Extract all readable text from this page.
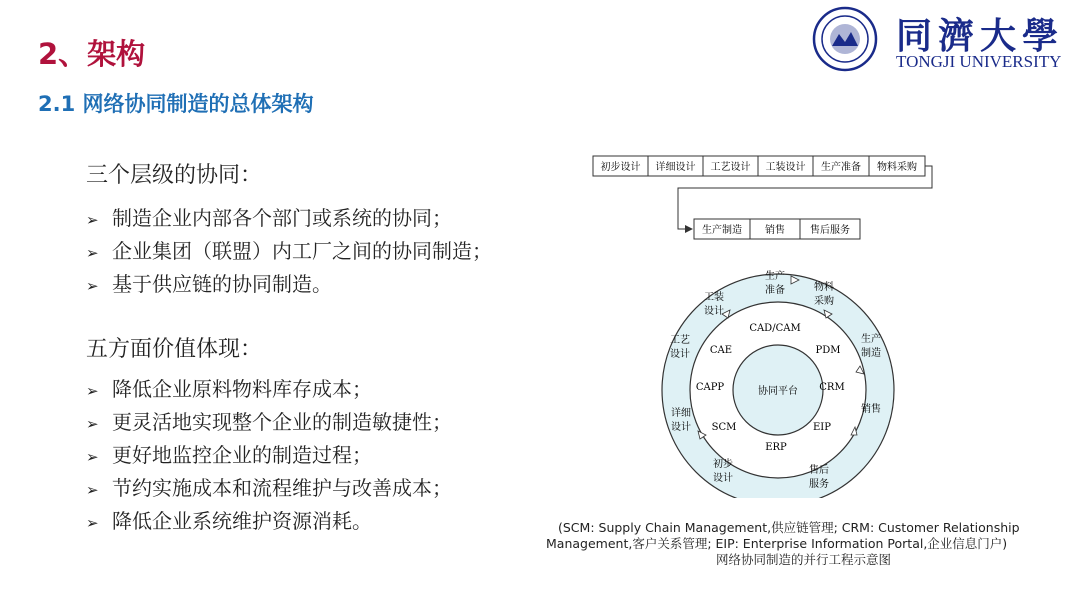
2、架构
2.1 网络协同制造的总体架构
同濟大學
TONGJI UNIVERSITY
三个层级的协同：
➢ 制造企业内部各个部门或系统的协同；
➢ 企业集团（联盟）内工厂之间的协同制造；
➢ 基于供应链的协同制造。
五方面价值体现：
➢ 降低企业原料物料库存成本；
➢ 更灵活地实现整个企业的制造敏捷性；
➢ 更好地监控企业的制造过程；
➢ 节约实施成本和流程维护与改善成本；
➢ 降低企业系统维护资源消耗。
初步设计 详细设计 工艺设计 工装设计 生产准备 物料采购
生产制造 销售	售后服务
协同平台
CAD/CAM
PDM
CRM
EIP
ERP
SCM
CAPP
CAE
生产
准备	物料
采购
生产
制造
销售
售后
服务
初步
设计
详细
设计
工艺
设计
工装
设计
(SCM: Supply Chain Management,供应链管理; CRM: Customer Relationship
Management,客户关系管理; EIP: Enterprise Information Portal,企业信息门户)
网络协同制造的并行工程示意图
